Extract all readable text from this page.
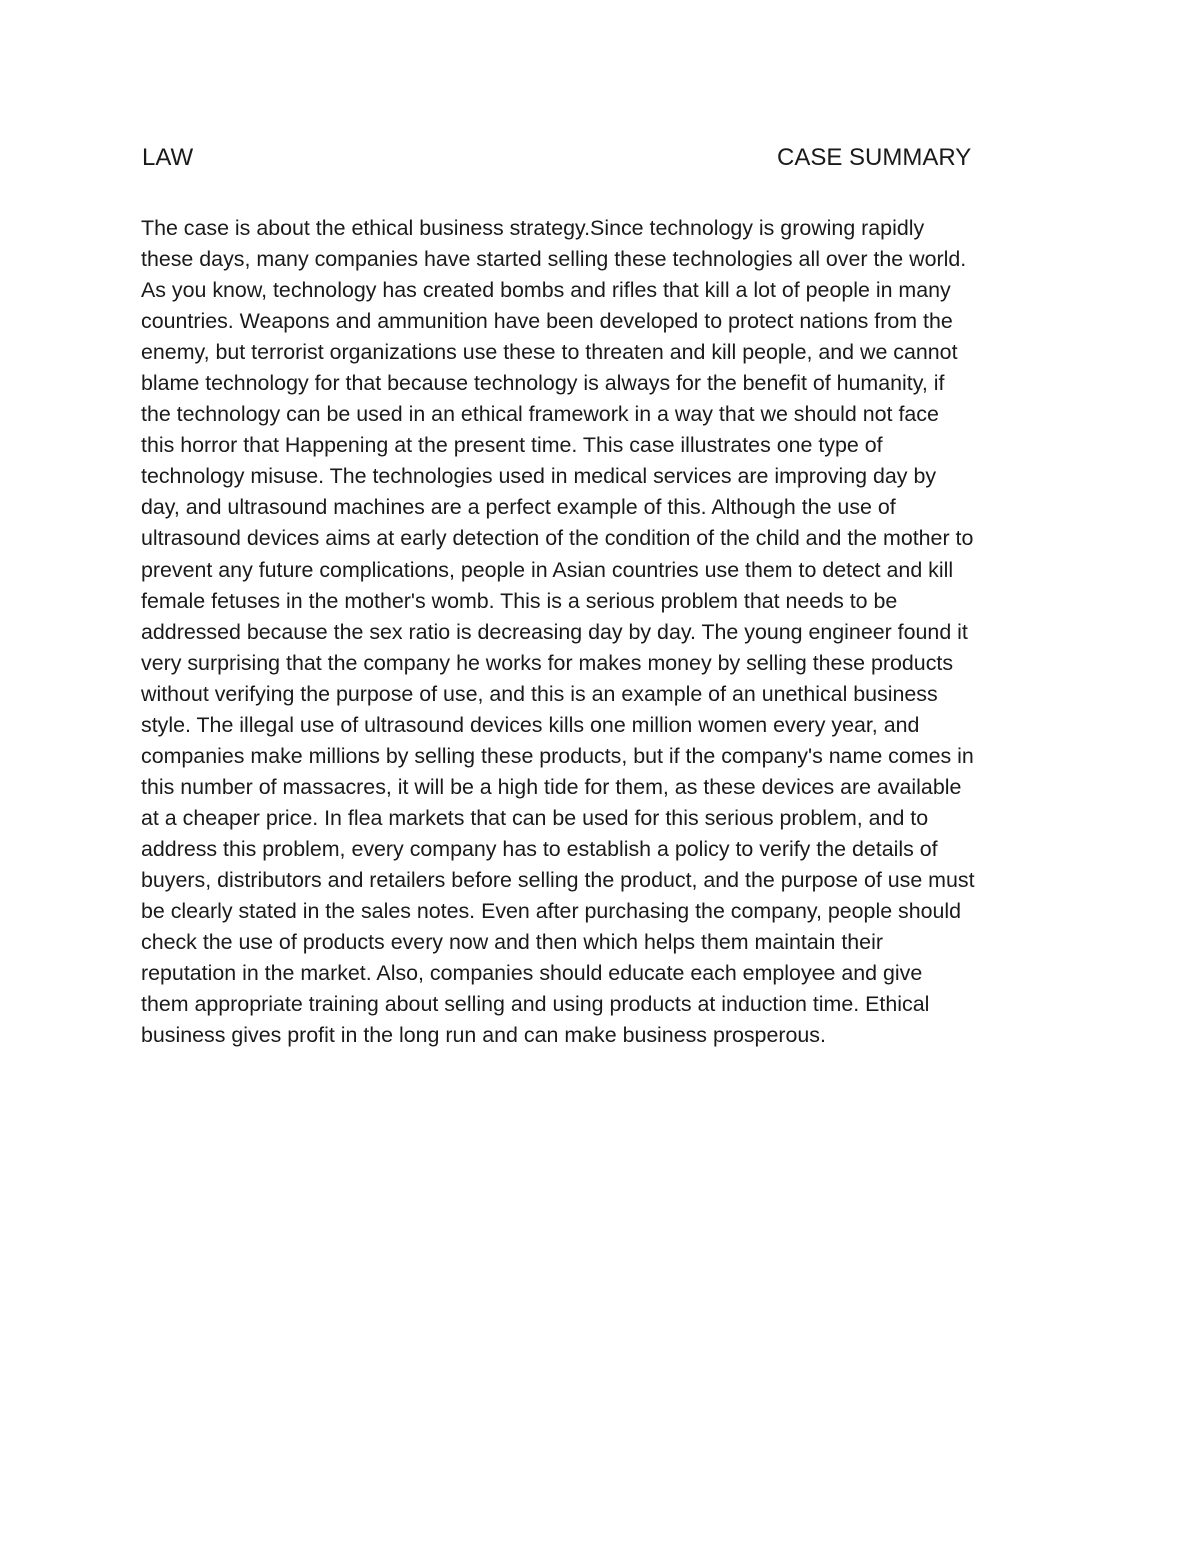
LAW	CASE SUMMARY
The case is about the ethical business strategy.Since technology is growing rapidly
these days, many companies have started selling these technologies all over the world.
As you know, technology has created bombs and rifles that kill a lot of people in many
countries. Weapons and ammunition have been developed to protect nations from the
enemy, but terrorist organizations use these to threaten and kill people, and we cannot
blame technology for that because technology is always for the benefit of humanity, if
the technology can be used in an ethical framework in a way that we should not face
this horror that Happening at the present time. This case illustrates one type of
technology misuse. The technologies used in medical services are improving day by
day, and ultrasound machines are a perfect example of this. Although the use of
ultrasound devices aims at early detection of the condition of the child and the mother to
prevent any future complications, people in Asian countries use them to detect and kill
female fetuses in the mother's womb. This is a serious problem that needs to be
addressed because the sex ratio is decreasing day by day. The young engineer found it
very surprising that the company he works for makes money by selling these products
without verifying the purpose of use, and this is an example of an unethical business
style. The illegal use of ultrasound devices kills one million women every year, and
companies make millions by selling these products, but if the company's name comes in
this number of massacres, it will be a high tide for them, as these devices are available
at a cheaper price. In flea markets that can be used for this serious problem, and to
address this problem, every company has to establish a policy to verify the details of
buyers, distributors and retailers before selling the product, and the purpose of use must
be clearly stated in the sales notes. Even after purchasing the company, people should
check the use of products every now and then which helps them maintain their
reputation in the market. Also, companies should educate each employee and give
them appropriate training about selling and using products at induction time. Ethical
business gives profit in the long run and can make business prosperous.
